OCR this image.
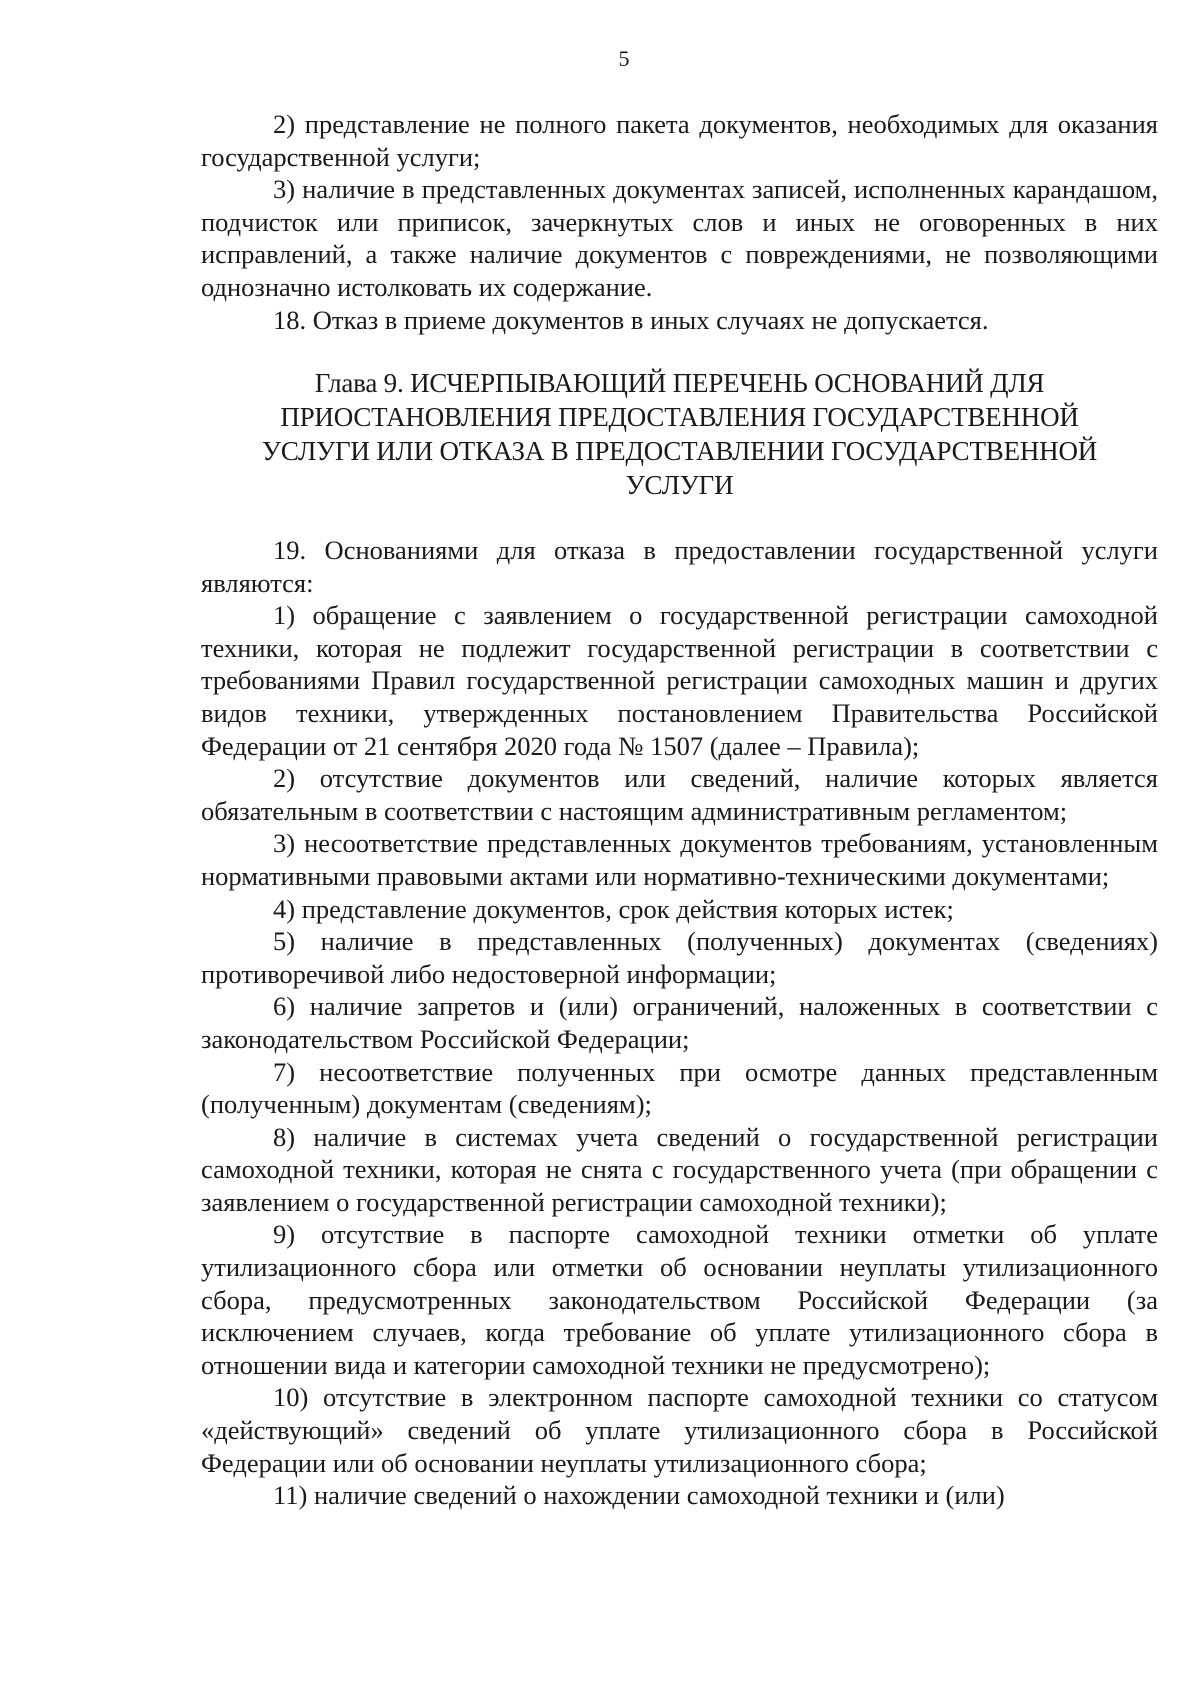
5

2) представление не полного пакета документов, необходимых для оказания государственной услуги;

3) наличие в представленных документах записей, исполненных карандашом, подчисток или приписок, зачеркнутых слов и иных не оговоренных в них исправлений, а также наличие документов с повреждениями, не позволяющими однозначно истолковать их содержание.

18. Отказ в приеме документов в иных случаях не допускается.

Глава 9. ИСЧЕРПЫВАЮЩИЙ ПЕРЕЧЕНЬ ОСНОВАНИЙ ДЛЯ
ПРИОСТАНОВЛЕНИЯ ПРЕДОСТАВЛЕНИЯ ГОСУДАРСТВЕННОЙ
УСЛУГИ ИЛИ ОТКАЗА В ПРЕДОСТАВЛЕНИИ ГОСУДАРСТВЕННОЙ
УСЛУГИ

19. Основаниями для отказа в предоставлении государственной услуги являются:

1) обращение с заявлением о государственной регистрации самоходной техники, которая не подлежит государственной регистрации в соответствии с требованиями Правил государственной регистрации самоходных машин и других видов техники, утвержденных постановлением Правительства Российской Федерации от 21 сентября 2020 года № 1507 (далее – Правила);

2) отсутствие документов или сведений, наличие которых является обязательным в соответствии с настоящим административным регламентом;

3) несоответствие представленных документов требованиям, установленным нормативными правовыми актами или нормативно-техническими документами;

4) представление документов, срок действия которых истек;

5) наличие в представленных (полученных) документах (сведениях) противоречивой либо недостоверной информации;

6) наличие запретов и (или) ограничений, наложенных в соответствии с законодательством Российской Федерации;

7) несоответствие полученных при осмотре данных представленным (полученным) документам (сведениям);

8) наличие в системах учета сведений о государственной регистрации самоходной техники, которая не снята с государственного учета (при обращении с заявлением о государственной регистрации самоходной техники);

9) отсутствие в паспорте самоходной техники отметки об уплате утилизационного сбора или отметки об основании неуплаты утилизационного сбора, предусмотренных законодательством Российской Федерации (за исключением случаев, когда требование об уплате утилизационного сбора в отношении вида и категории самоходной техники не предусмотрено);

10) отсутствие в электронном паспорте самоходной техники со статусом «действующий» сведений об уплате утилизационного сбора в Российской Федерации или об основании неуплаты утилизационного сбора;

11) наличие сведений о нахождении самоходной техники и (или)
